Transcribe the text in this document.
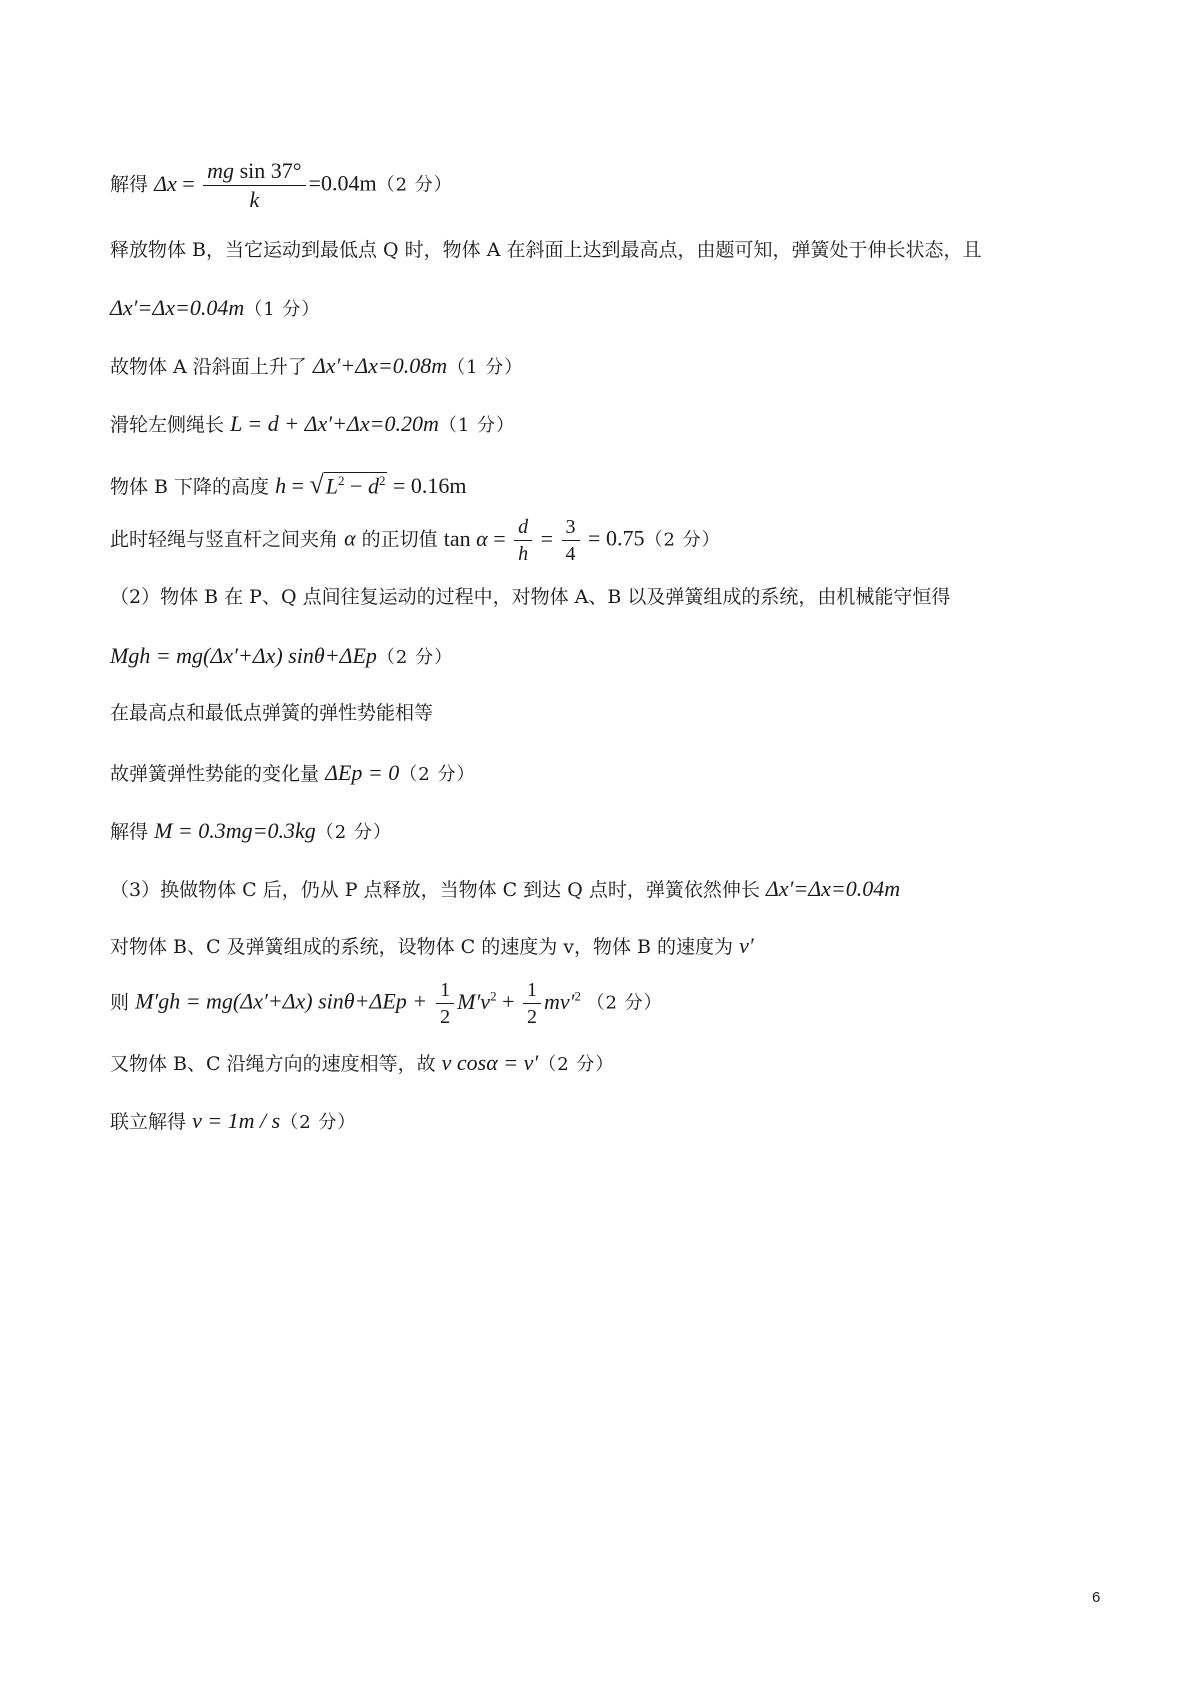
解得 $\Delta x = \frac{\text{mg sin 37°}}{k} =0.04m(2$ 分）
释放物体 B，当它运动到最低点 Q 时，物体 A 在斜面上达到最高点，由题可知，弹簧处于伸长状态，且
Δx′=Δx=0.04m（1 分）
故物体 A 沿斜面上升了 Δx′+Δx=0.08m（1 分）
滑轮左侧绳长 L = d + Δx′+Δx=0.20m（1 分）
物体 B 下降的高度 h = √ $L^2 - d^2 = 0.16m$
此时轻绳与竖直杆之间夹角 α 的正切值 $\tan \alpha = \frac{d}{h} = \frac{3}{4} = 0.75(2$ 分）
（2）物体 B 在 P、Q 点间往复运动的过程中，对物体 A、B 以及弹簧组成的系统，由机械能守恒得
Mgh = mg(Δx′+Δx) sinθ+ΔEp（2 分）
在最高点和最低点弹簧的弹性势能相等
故弹簧弹性势能的变化量 ΔEp = 0（2 分）
解得 M = 0.3mg=0.3kg（2 分）
（3）换做物体 C 后，仍从 P 点释放，当物体 C 到达 Q 点时，弹簧依然伸长 Δx′=Δx=0.04m
对物体 B、C 及弹簧组成的系统，设物体 C 的速度为 v，物体 B 的速度为 v′
则 M′gh = mg(Δx′+Δx) $\sin\theta+\Delta Ep + \frac{1}{2} M'v^2 + \frac{1}{2} mv'^2$ （2 分）
又物体 B、C 沿绳方向的速度相等，故 v cosα = v′（2 分）
联立解得 v = 1m / s（2 分）
6
